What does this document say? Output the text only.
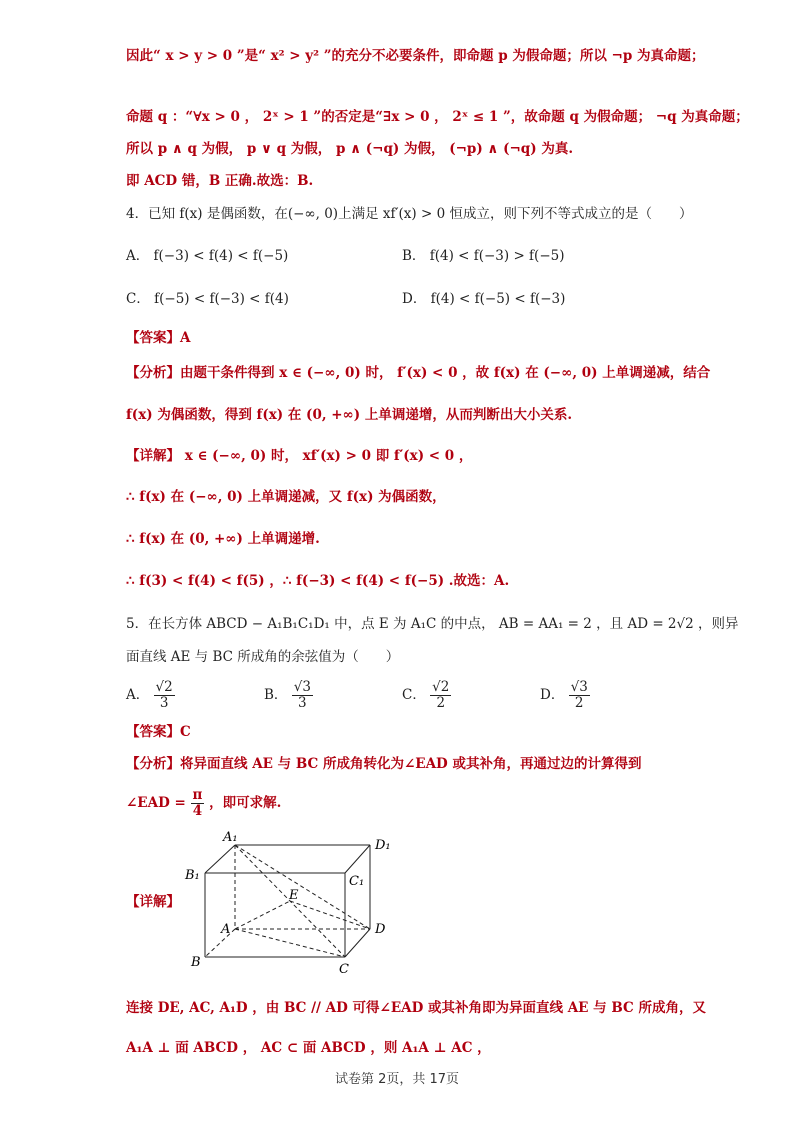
因此“ x > y > 0 ”是“ x² > y² ”的充分不必要条件，即命题 p 为假命题；所以 ¬p 为真命题；
命题 q ：“∀x > 0 ， 2ˣ > 1 ”的否定是“∃x > 0 ， 2ˣ ≤ 1 ”，故命题 q 为假命题； ¬q 为真命题；
所以 p ∧ q 为假， p ∨ q 为假， p ∧ (¬q) 为假， (¬p) ∧ (¬q) 为真.
即 ACD 错，B 正确.故选：B.
4．已知 f(x) 是偶函数，在(−∞, 0)上满足 xf′(x) > 0 恒成立，则下列不等式成立的是（　　）
A． f(−3) < f(4) < f(−5)	B． f(4) < f(−3) > f(−5)
C． f(−5) < f(−3) < f(4)	D． f(4) < f(−5) < f(−3)
【答案】A
【分析】由题干条件得到 x ∈ (−∞, 0) 时， f′(x) < 0 ，故 f(x) 在 (−∞, 0) 上单调递减，结合
f(x) 为偶函数，得到 f(x) 在 (0, +∞) 上单调递增，从而判断出大小关系.
【详解】 x ∈ (−∞, 0) 时， xf′(x) > 0 即 f′(x) < 0 ，
∴ f(x) 在 (−∞, 0) 上单调递减，又 f(x) 为偶函数，
∴ f(x) 在 (0, +∞) 上单调递增.
∴ f(3) < f(4) < f(5) ，∴ f(−3) < f(4) < f(−5) .故选：A.
5．在长方体 ABCD − A₁B₁C₁D₁ 中，点 E 为 A₁C 的中点， AB = AA₁ = 2 ，且 AD = 2√2 ，则异
面直线 AE 与 BC 所成角的余弦值为（　　）
A． $\frac{√2}{3}$	B． $\frac{√3}{3}$	C． $\frac{√2}{2}$	D． $\frac{√3}{2}$
【答案】C
【分析】将异面直线 AE 与 BC 所成角转化为∠EAD 或其补角，再通过边的计算得到
∠EAD = $\frac{\pi}{4}$ ，即可求解.
【详解】
A₁
D₁
B₁	C₁
E
A	D
B	C
连接 DE, AC, A₁D ，由 BC // AD 可得∠EAD 或其补角即为异面直线 AE 与 BC 所成角，又
A₁A ⊥ 面 ABCD ， AC ⊂ 面 ABCD ，则 A₁A ⊥ AC ，
试卷第 2页，共 17页
